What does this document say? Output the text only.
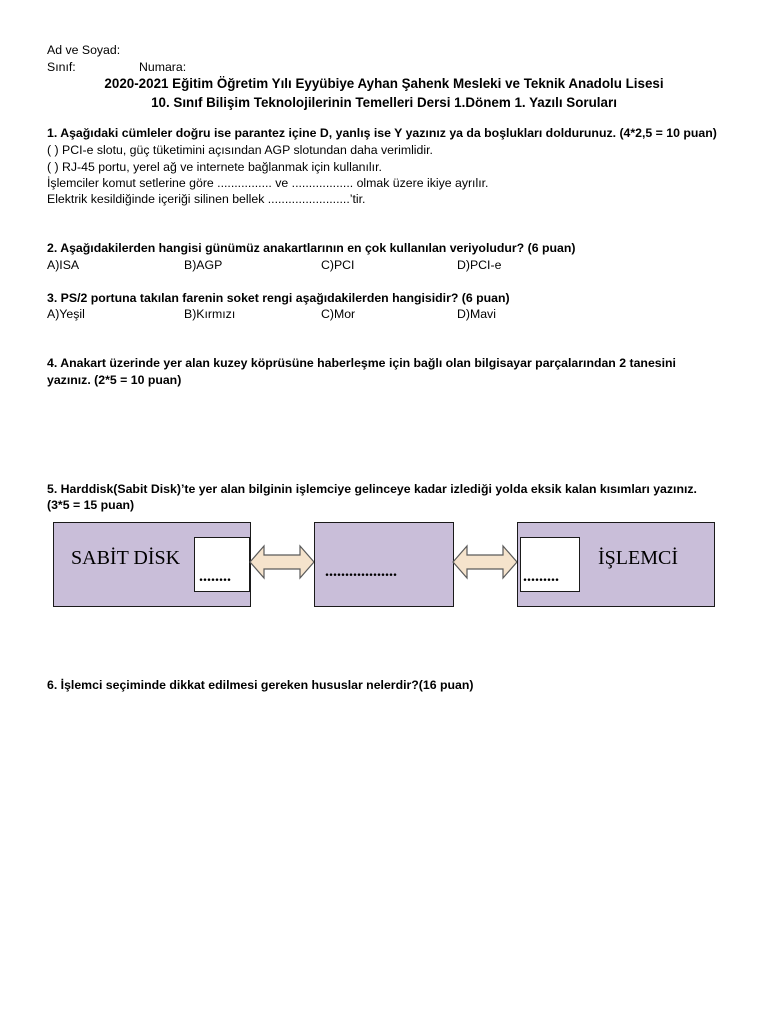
Ad ve Soyad:
Sınıf:	Numara:
2020-2021 Eğitim Öğretim Yılı Eyyübiye Ayhan Şahenk Mesleki ve Teknik Anadolu Lisesi
10. Sınıf Bilişim Teknolojilerinin Temelleri Dersi 1.Dönem 1. Yazılı Soruları
1. Aşağıdaki cümleler doğru ise parantez içine D, yanlış ise Y yazınız ya da boşlukları doldurunuz. (4*2,5 = 10 puan)
( ) PCI-e slotu, güç tüketimini açısından AGP slotundan daha verimlidir.
( ) RJ-45 portu, yerel ağ ve internete bağlanmak için kullanılır.
İşlemciler komut setlerine göre ................ ve .................. olmak üzere ikiye ayrılır.
Elektrik kesildiğinde içeriği silinen bellek ........................’tir.
2. Aşağıdakilerden hangisi günümüz anakartlarının en çok kullanılan veriyoludur? (6 puan)
A)ISA	B)AGP	C)PCI	D)PCI-e
3. PS/2 portuna takılan farenin soket rengi aşağıdakilerden hangisidir? (6 puan)
A)Yeşil	B)Kırmızı	C)Mor	D)Mavi
4. Anakart üzerinde yer alan kuzey köprüsüne haberleşme için bağlı olan bilgisayar parçalarından 2 tanesini
yazınız. (2*5 = 10 puan)
5. Harddisk(Sabit Disk)’te yer alan bilginin işlemciye gelinceye kadar izlediği yolda eksik kalan kısımları yazınız.
(3*5 = 15 puan)
SABİT DİSK
........	..................	.........
İŞLEMCİ
6. İşlemci seçiminde dikkat edilmesi gereken hususlar nelerdir?(16 puan)
